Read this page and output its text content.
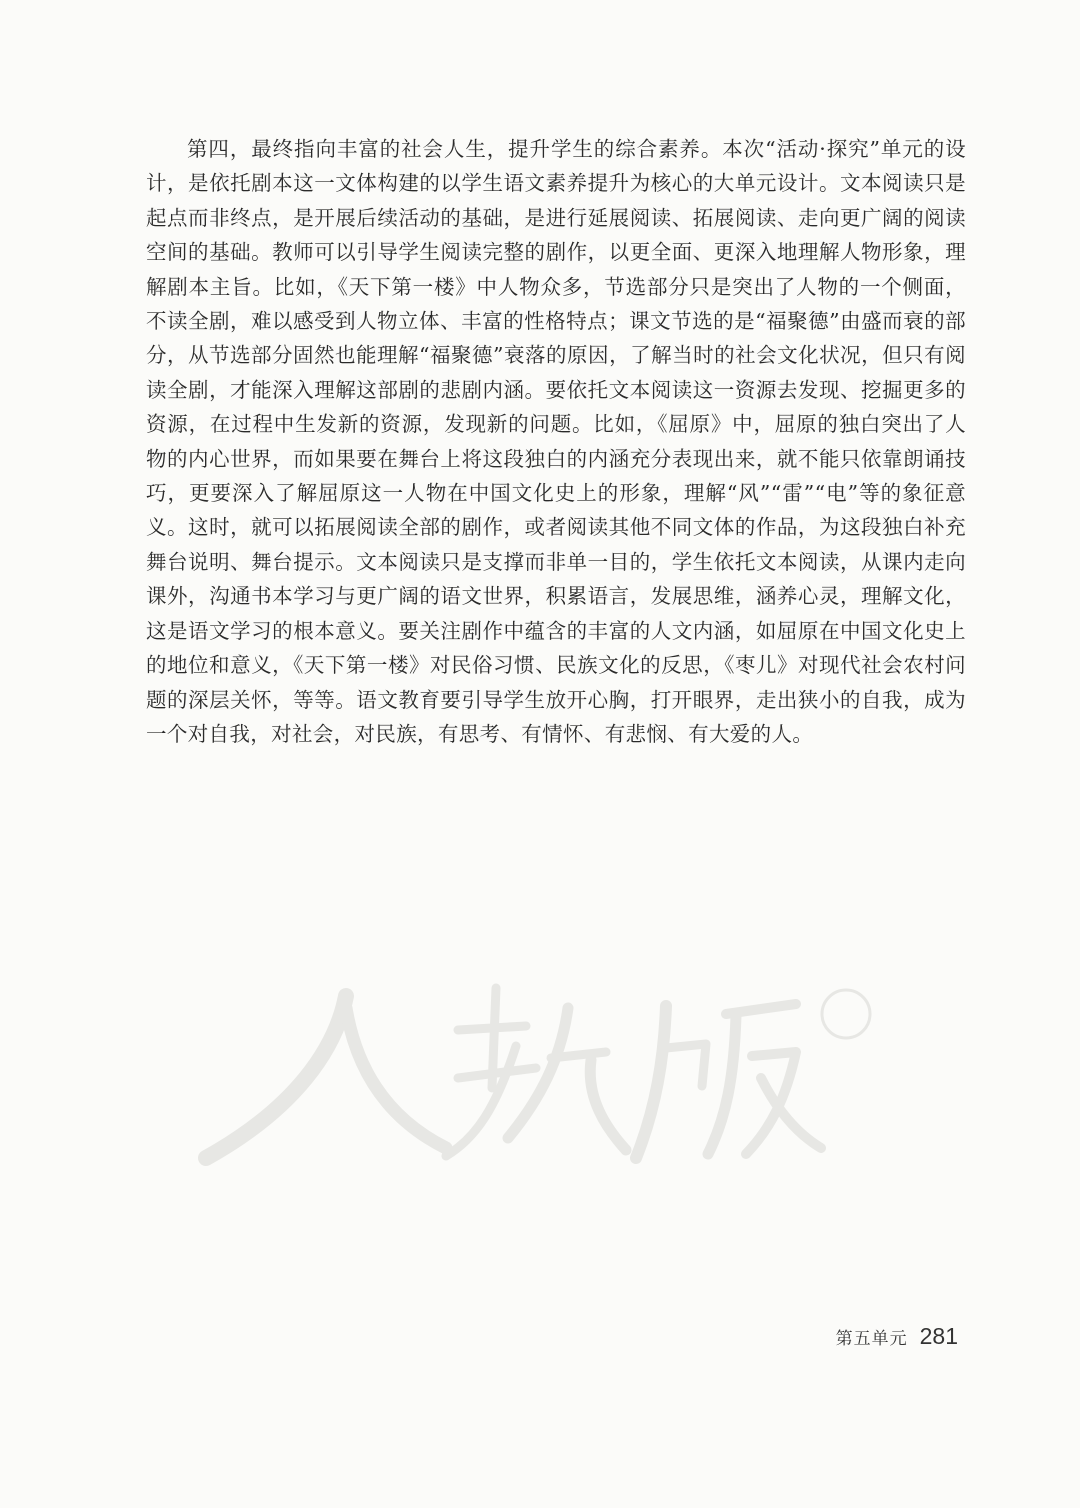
第四，最终指向丰富的社会人生，提升学生的综合素养。本次“活动·探究”单元的设计，是依托剧本这一文体构建的以学生语文素养提升为核心的大单元设计。文本阅读只是起点而非终点，是开展后续活动的基础，是进行延展阅读、拓展阅读、走向更广阔的阅读空间的基础。教师可以引导学生阅读完整的剧作，以更全面、更深入地理解人物形象，理解剧本主旨。比如，《天下第一楼》中人物众多，节选部分只是突出了人物的一个侧面，不读全剧，难以感受到人物立体、丰富的性格特点；课文节选的是“福聚德”由盛而衰的部分，从节选部分固然也能理解“福聚德”衰落的原因，了解当时的社会文化状况，但只有阅读全剧，才能深入理解这部剧的悲剧内涵。要依托文本阅读这一资源去发现、挖掘更多的资源，在过程中生发新的资源，发现新的问题。比如，《屈原》中，屈原的独白突出了人物的内心世界，而如果要在舞台上将这段独白的内涵充分表现出来，就不能只依靠朗诵技巧，更要深入了解屈原这一人物在中国文化史上的形象，理解“风”“雷”“电”等的象征意义。这时，就可以拓展阅读全部的剧作，或者阅读其他不同文体的作品，为这段独白补充舞台说明、舞台提示。文本阅读只是支撑而非单一目的，学生依托文本阅读，从课内走向课外，沟通书本学习与更广阔的语文世界，积累语言，发展思维，涵养心灵，理解文化，这是语文学习的根本意义。要关注剧作中蕴含的丰富的人文内涵，如屈原在中国文化史上的地位和意义，《天下第一楼》对民俗习惯、民族文化的反思，《枣儿》对现代社会农村问题的深层关怀，等等。语文教育要引导学生放开心胸，打开眼界，走出狭小的自我，成为一个对自我，对社会，对民族，有思考、有情怀、有悲悯、有大爱的人。

第五单元 281
